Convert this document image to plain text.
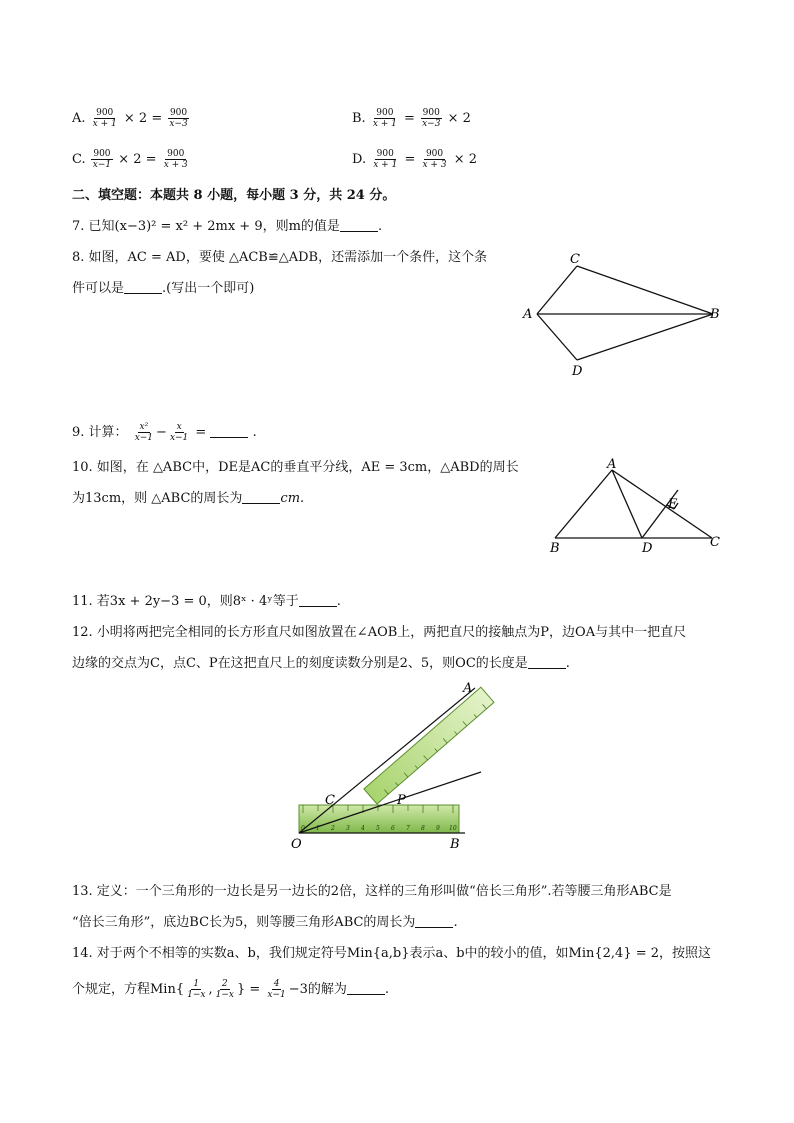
A. $\frac{900}{x + 1} \times 2 = \frac{900}{x-3}$	B. $\frac{900}{x + 1} = \frac{900}{x-3} \times 2$
C. $\frac{900}{x-1} \times 2 = \frac{900}{x + 3}$	D. $\frac{900}{x + 1} = \frac{900}{x + 3} \times 2$
二、填空题：本题共 8 小题，每小题 3 分，共 24 分。
7. 已知(x−3)² = x² + 2mx + 9，则m的值是	.
8. 如图，AC = AD，要使 △ACB≌△ADB，还需添加一个条件，这个条
件可以是	.(写出一个即可)
C
A	B
D
9. 计算： $\frac{\text{x²}}{x-1} - \frac{x}{x-1}$ =	.
10. 如图，在 △ABC中，DE是AC的垂直平分线，AE = 3cm，△ABD的周长
为13cm，则 △ABC的周长为	cm.
A
E
B	D	C
11. 若3x + 2y−3 = 0，则8ˣ · 4ʸ等于	.
12. 小明将两把完全相同的长方形直尺如图放置在∠AOB上，两把直尺的接触点为P，边OA与其中一把直尺
边缘的交点为C，点C、P在这把直尺上的刻度读数分别是2、5，则OC的长度是	.
0 1 2 3 4 5 6 7 8 9 10
A
C	P
O	B
13. 定义：一个三角形的一边长是另一边长的2倍，这样的三角形叫做“倍长三角形”.若等腰三角形ABC是
“倍长三角形”，底边BC长为5，则等腰三角形ABC的周长为	.
14. 对于两个不相等的实数a、b，我们规定符号Min{a,b}表示a、b中的较小的值，如Min{2,4} = 2，按照这
个规定，方程$Min\{ \frac{1}{1-x}$ , $\frac{2}{1-x}$ } = $\frac{4}{x-1} -3$的解为	.
